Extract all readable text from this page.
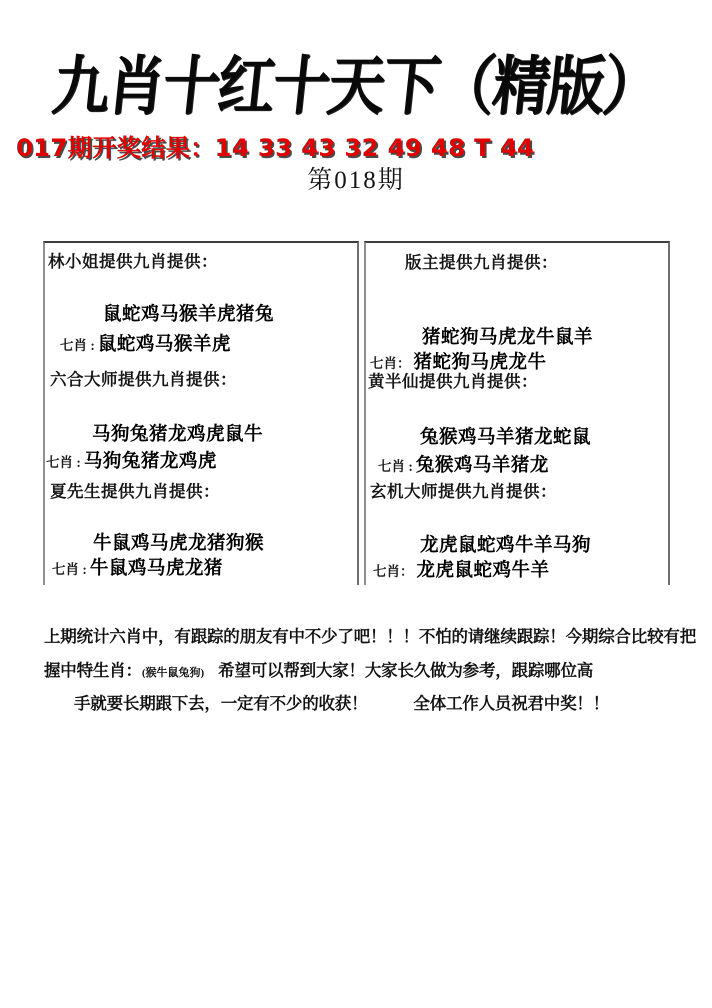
九肖十红十天下（精版）
017期开奖结果：14 33 43 32 49 48 T 44
第018期
林小姐提供九肖提供：
鼠蛇鸡马猴羊虎猪兔
七肖 : 鼠蛇鸡马猴羊虎
六合大师提供九肖提供：
马狗兔猪龙鸡虎鼠牛
七肖 : 马狗兔猪龙鸡虎
夏先生提供九肖提供：
牛鼠鸡马虎龙猪狗猴
七肖 : 牛鼠鸡马虎龙猪
版主提供九肖提供：
猪蛇狗马虎龙牛鼠羊
七肖： 猪蛇狗马虎龙牛
黄半仙提供九肖提供：
兔猴鸡马羊猪龙蛇鼠
七肖 : 兔猴鸡马羊猪龙
玄机大师提供九肖提供：
龙虎鼠蛇鸡牛羊马狗
七肖： 龙虎鼠蛇鸡牛羊
上期统计六肖中，有跟踪的朋友有中不少了吧！！！不怕的请继续跟踪！今期综合比较有把
握中特生肖：(猴牛鼠兔狗) 希望可以帮到大家！大家长久做为参考，跟踪哪位高
手就要长期跟下去，一定有不少的收获！	全体工作人员祝君中奖！！
